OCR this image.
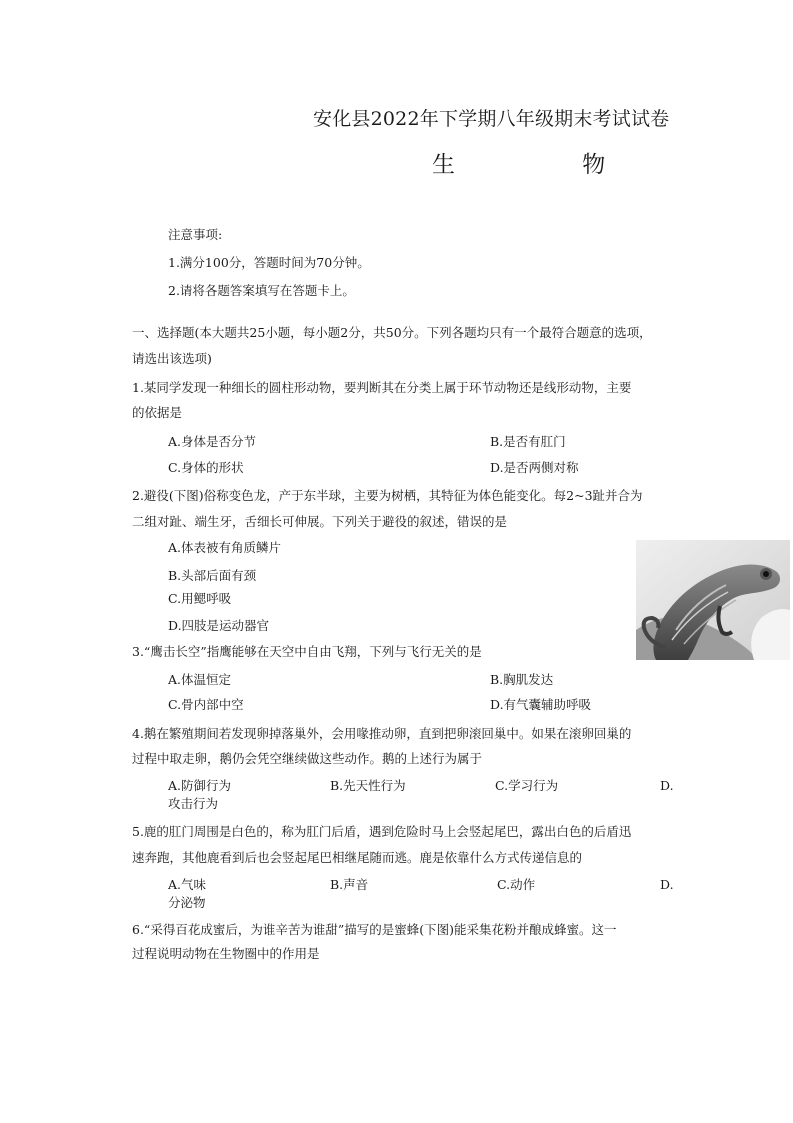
安化县2022年下学期八年级期末考试试卷
生 物
注意事项:
1.满分100分，答题时间为70分钟。
2.请将各题答案填写在答题卡上。
一、选择题(本大题共25小题，每小题2分，共50分。下列各题均只有一个最符合题意的选项，
请选出该选项)
1.某同学发现一种细长的圆柱形动物，要判断其在分类上属于环节动物还是线形动物，主要
的依据是
A.身体是否分节	B.是否有肛门
C.身体的形状	D.是否两侧对称
2.避役(下图)俗称变色龙，产于东半球，主要为树栖，其特征为体色能变化。每2~3趾并合为
二组对趾、端生牙，舌细长可伸展。下列关于避役的叙述，错误的是
A.体表被有角质鳞片
B.头部后面有颈
C.用鳃呼吸
D.四肢是运动器官
3.“鹰击长空”指鹰能够在天空中自由飞翔，下列与飞行无关的是
A.体温恒定	B.胸肌发达
C.骨内部中空	D.有气囊辅助呼吸
4.鹅在繁殖期间若发现卵掉落巢外，会用喙推动卵，直到把卵滚回巢中。如果在滚卵回巢的
过程中取走卵，鹅仍会凭空继续做这些动作。鹅的上述行为属于
A.防御行为	B.先天性行为	C.学习行为	D.
攻击行为
5.鹿的肛门周围是白色的，称为肛门后盾，遇到危险时马上会竖起尾巴，露出白色的后盾迅
速奔跑，其他鹿看到后也会竖起尾巴相继尾随而逃。鹿是依靠什么方式传递信息的
A.气味	B.声音	C.动作	D.
分泌物
6.“采得百花成蜜后，为谁辛苦为谁甜”描写的是蜜蜂(下图)能采集花粉并酿成蜂蜜。这一
过程说明动物在生物圈中的作用是
